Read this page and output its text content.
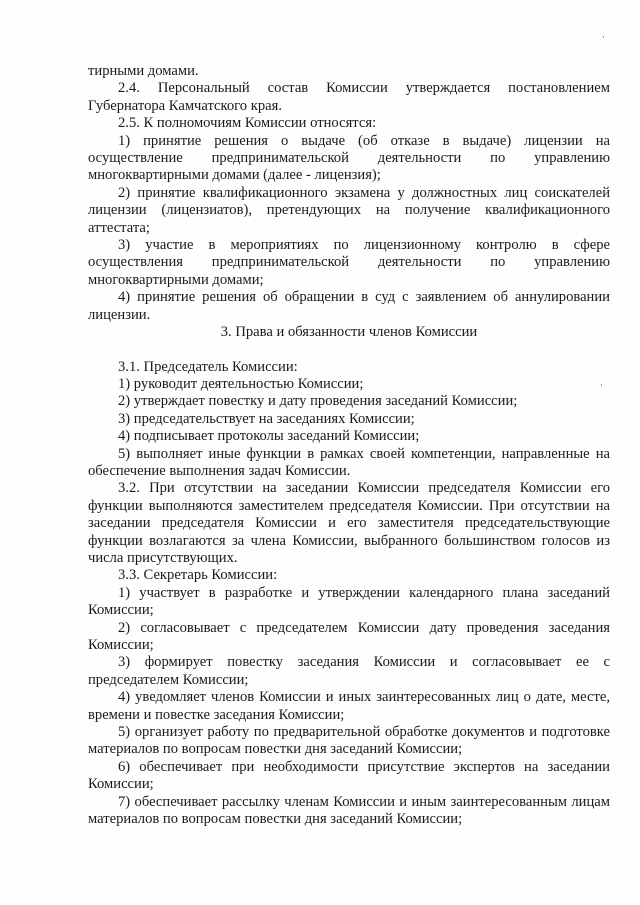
тирными домами.

2.4. Персональный состав Комиссии утверждается постановлением Губернатора Камчатского края.

2.5. К полномочиям Комиссии относятся:

1) принятие решения о выдаче (об отказе в выдаче) лицензии на осуществление предпринимательской деятельности по управлению многоквартирными домами (далее - лицензия);

2) принятие квалификационного экзамена у должностных лиц соискателей лицензии (лицензиатов), претендующих на получение квалификационного аттестата;

3) участие в мероприятиях по лицензионному контролю в сфере осуществления предпринимательской деятельности по управлению многоквартирными домами;

4) принятие решения об обращении в суд с заявлением об аннулировании лицензии.

3. Права и обязанности членов Комиссии

3.1. Председатель Комиссии:

1) руководит деятельностью Комиссии;

2) утверждает повестку и дату проведения заседаний Комиссии;

3) председательствует на заседаниях Комиссии;

4) подписывает протоколы заседаний Комиссии;

5) выполняет иные функции в рамках своей компетенции, направленные на обеспечение выполнения задач Комиссии.

3.2. При отсутствии на заседании Комиссии председателя Комиссии его функции выполняются заместителем председателя Комиссии. При отсутствии на заседании председателя Комиссии и его заместителя председательствующие функции возлагаются за члена Комиссии, выбранного большинством голосов из числа присутствующих.

3.3. Секретарь Комиссии:

1) участвует в разработке и утверждении календарного плана заседаний Комиссии;

2) согласовывает с председателем Комиссии дату проведения заседания Комиссии;

3) формирует повестку заседания Комиссии и согласовывает ее с председателем Комиссии;

4) уведомляет членов Комиссии и иных заинтересованных лиц о дате, месте, времени и повестке заседания Комиссии;

5) организует работу по предварительной обработке документов и подготовке материалов по вопросам повестки дня заседаний Комиссии;

6) обеспечивает при необходимости присутствие экспертов на заседании Комиссии;

7) обеспечивает рассылку членам Комиссии и иным заинтересованным лицам материалов по вопросам повестки дня заседаний Комиссии;
